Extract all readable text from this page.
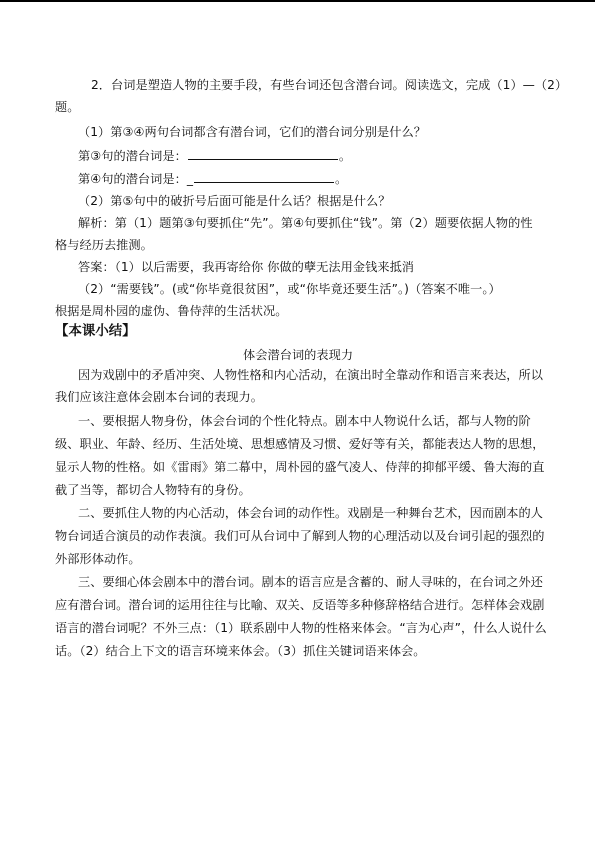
2．台词是塑造人物的主要手段，有些台词还包含潜台词。阅读选文，完成（1）—（2）
题。
（1）第③④两句台词都含有潜台词，它们的潜台词分别是什么？
第③句的潜台词是：	。
第④句的潜台词是：_	。
（2）第⑤句中的破折号后面可能是什么话？根据是什么？
解析：第（1）题第③句要抓住“先”。第④句要抓住“钱”。第（2）题要依据人物的性
格与经历去推测。
答案：（1）以后需要，我再寄给你 你做的孽无法用金钱来抵消
（2）“需要钱”。(或“你毕竟很贫困”，或“你毕竟还要生活”。)（答案不唯一。）
根据是周朴园的虚伪、鲁侍萍的生活状况。
【本课小结】
体会潜台词的表现力
因为戏剧中的矛盾冲突、人物性格和内心活动，在演出时全靠动作和语言来表达，所以
我们应该注意体会剧本台词的表现力。
一、要根据人物身份，体会台词的个性化特点。剧本中人物说什么话，都与人物的阶
级、职业、年龄、经历、生活处境、思想感情及习惯、爱好等有关，都能表达人物的思想，
显示人物的性格。如《雷雨》第二幕中，周朴园的盛气凌人、侍萍的抑郁平缓、鲁大海的直
截了当等，都切合人物特有的身份。
二、要抓住人物的内心活动，体会台词的动作性。戏剧是一种舞台艺术，因而剧本的人
物台词适合演员的动作表演。我们可从台词中了解到人物的心理活动以及台词引起的强烈的
外部形体动作。
三、要细心体会剧本中的潜台词。剧本的语言应是含蓄的、耐人寻味的，在台词之外还
应有潜台词。潜台词的运用往往与比喻、双关、反语等多种修辞格结合进行。怎样体会戏剧
语言的潜台词呢？不外三点：（1）联系剧中人物的性格来体会。“言为心声”，什么人说什么
话。（2）结合上下文的语言环境来体会。（3）抓住关键词语来体会。
